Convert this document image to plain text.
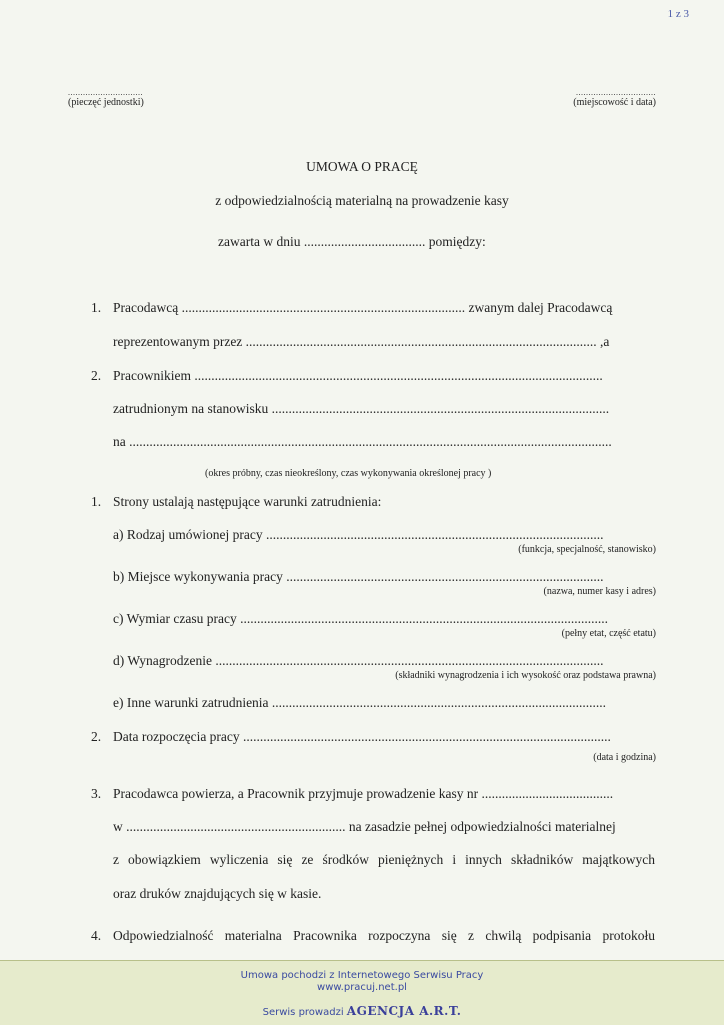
1 z 3
..............................
(pieczęć jednostki)
................................
(miejscowość i data)
UMOWA O PRACĘ
z odpowiedzialnością materialną na prowadzenie kasy
zawarta w dniu .................................... pomiędzy:
1. Pracodawcą .................................................................................... zwanym dalej Pracodawcą
reprezentowanym przez ........................................................................................................ ,a
2. Pracownikiem .........................................................................................................................
zatrudnionym na stanowisku ....................................................................................................
na ...............................................................................................................................................
(okres próbny, czas nieokreślony, czas wykonywania określonej pracy )
1. Strony ustalają następujące warunki zatrudnienia:
a) Rodzaj umówionej pracy ....................................................................................................
(funkcja, specjalność, stanowisko)
b) Miejsce wykonywania pracy ..............................................................................................
(nazwa, numer kasy i adres)
c) Wymiar czasu pracy .............................................................................................................
(pełny etat, część etatu)
d) Wynagrodzenie ...................................................................................................................
(składniki wynagrodzenia i ich wysokość oraz podstawa prawna)
e) Inne warunki zatrudnienia ...................................................................................................
2. Data rozpoczęcia pracy .............................................................................................................
(data i godzina)
3. Pracodawca powierza, a Pracownik przyjmuje prowadzenie kasy nr .......................................
w ................................................................. na zasadzie pełnej odpowiedzialności materialnej
z obowiązkiem wyliczenia się ze środków pieniężnych i innych składników majątkowych
oraz druków znajdujących się w kasie.
4. Odpowiedzialność materialna Pracownika rozpoczyna się z chwilą podpisania protokołu
Umowa pochodzi z Internetowego Serwisu Pracy
www.pracuj.net.pl
Serwis prowadzi AGENCJA A.R.T.
